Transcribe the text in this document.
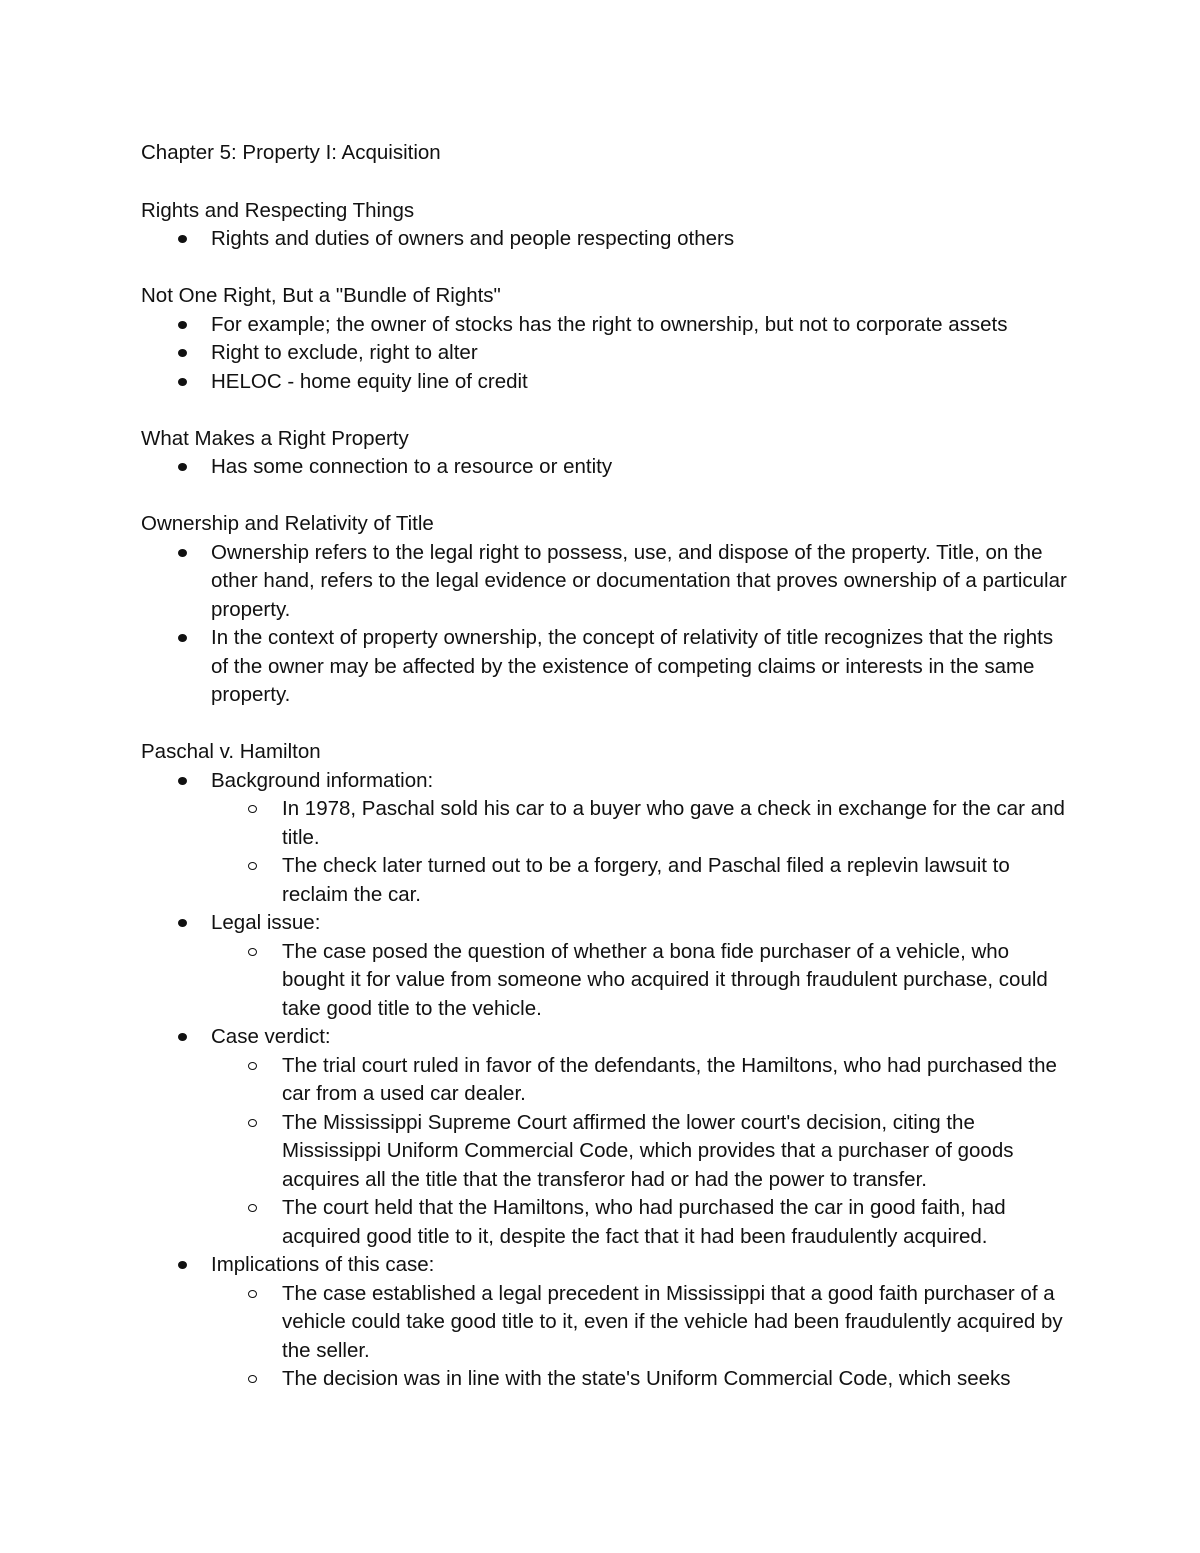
Chapter 5: Property I: Acquisition
Rights and Respecting Things
Rights and duties of owners and people respecting others
Not One Right, But a "Bundle of Rights"
For example; the owner of stocks has the right to ownership, but not to corporate assets
Right to exclude, right to alter
HELOC - home equity line of credit
What Makes a Right Property
Has some connection to a resource or entity
Ownership and Relativity of Title
Ownership refers to the legal right to possess, use, and dispose of the property. Title, on the other hand, refers to the legal evidence or documentation that proves ownership of a particular property.
In the context of property ownership, the concept of relativity of title recognizes that the rights of the owner may be affected by the existence of competing claims or interests in the same property.
Paschal v. Hamilton
Background information:
In 1978, Paschal sold his car to a buyer who gave a check in exchange for the car and title.
The check later turned out to be a forgery, and Paschal filed a replevin lawsuit to reclaim the car.
Legal issue:
The case posed the question of whether a bona fide purchaser of a vehicle, who bought it for value from someone who acquired it through fraudulent purchase, could take good title to the vehicle.
Case verdict:
The trial court ruled in favor of the defendants, the Hamiltons, who had purchased the car from a used car dealer.
The Mississippi Supreme Court affirmed the lower court's decision, citing the Mississippi Uniform Commercial Code, which provides that a purchaser of goods acquires all the title that the transferor had or had the power to transfer.
The court held that the Hamiltons, who had purchased the car in good faith, had acquired good title to it, despite the fact that it had been fraudulently acquired.
Implications of this case:
The case established a legal precedent in Mississippi that a good faith purchaser of a vehicle could take good title to it, even if the vehicle had been fraudulently acquired by the seller.
The decision was in line with the state's Uniform Commercial Code, which seeks
